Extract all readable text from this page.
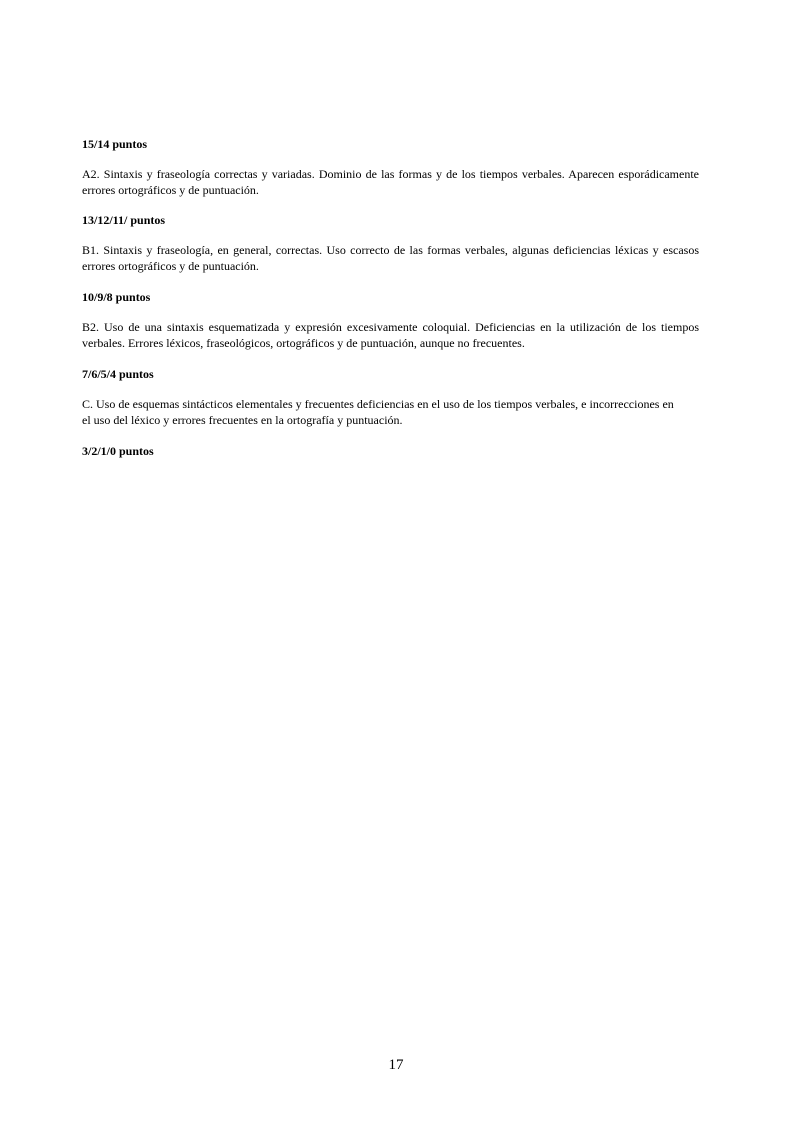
15/14 puntos
A2. Sintaxis y fraseología correctas y variadas. Dominio de las formas y de los tiempos verbales. Aparecen esporádicamente errores ortográficos y de puntuación.
13/12/11/ puntos
B1. Sintaxis y fraseología, en general, correctas. Uso correcto de las formas verbales, algunas deficiencias léxicas y escasos errores ortográficos y de puntuación.
10/9/8 puntos
B2. Uso de una sintaxis esquematizada y expresión excesivamente coloquial. Deficiencias en la utilización de los tiempos verbales. Errores léxicos, fraseológicos, ortográficos y de puntuación, aunque no frecuentes.
7/6/5/4 puntos
C. Uso de esquemas sintácticos elementales y frecuentes deficiencias en el uso de los tiempos verbales, e incorrecciones en el uso del léxico y errores frecuentes en la ortografía y puntuación.
3/2/1/0 puntos
17
